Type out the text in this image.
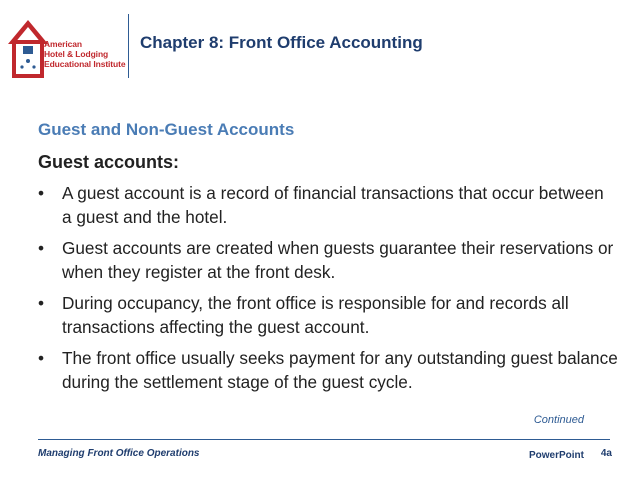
American
Hotel & Lodging
Educational Institute
Chapter 8: Front Office Accounting
Guest and Non-Guest Accounts
Guest accounts:
•	A guest account is a record of financial transactions that occur between a guest and the hotel.
•	Guest accounts are created when guests guarantee their reservations or when they register at the front desk.
•	During occupancy, the front office is responsible for and records all transactions affecting the guest account.
•	The front office usually seeks payment for any outstanding guest balance during the settlement stage of the guest cycle.
Continued
Managing Front Office Operations	PowerPoint 4a
